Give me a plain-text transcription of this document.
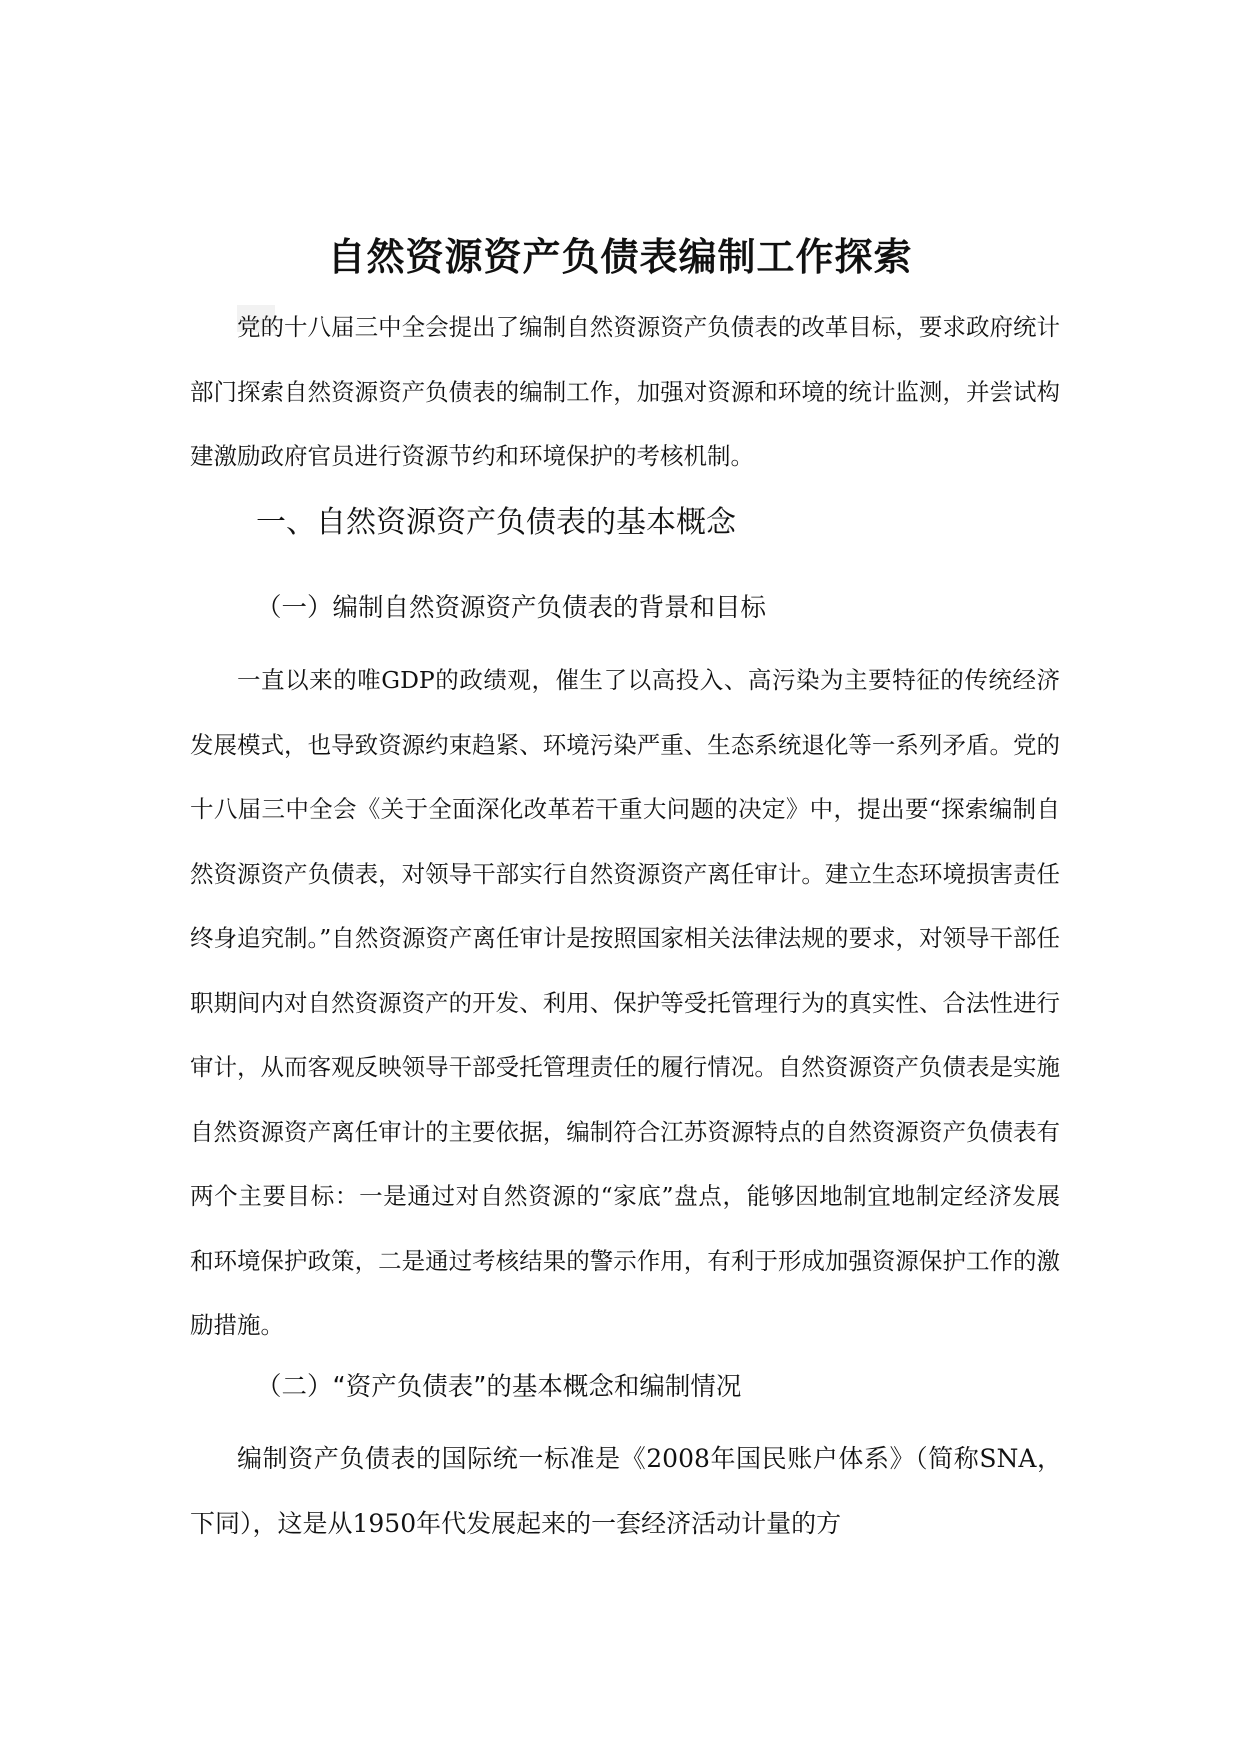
自然资源资产负债表编制工作探索

党的十八届三中全会提出了编制自然资源资产负债表的改革目标，要求政府统计部门探索自然资源资产负债表的编制工作，加强对资源和环境的统计监测，并尝试构建激励政府官员进行资源节约和环境保护的考核机制。

一、自然资源资产负债表的基本概念
（一）编制自然资源资产负债表的背景和目标

一直以来的唯GDP的政绩观，催生了以高投入、高污染为主要特征的传统经济发展模式，也导致资源约束趋紧、环境污染严重、生态系统退化等一系列矛盾。党的十八届三中全会《关于全面深化改革若干重大问题的决定》中，提出要“探索编制自然资源资产负债表，对领导干部实行自然资源资产离任审计。建立生态环境损害责任终身追究制。”自然资源资产离任审计是按照国家相关法律法规的要求，对领导干部任职期间内对自然资源资产的开发、利用、保护等受托管理行为的真实性、合法性进行审计，从而客观反映领导干部受托管理责任的履行情况。自然资源资产负债表是实施自然资源资产离任审计的主要依据，编制符合江苏资源特点的自然资源资产负债表有两个主要目标：一是通过对自然资源的“家底”盘点，能够因地制宜地制定经济发展和环境保护政策，二是通过考核结果的警示作用，有利于形成加强资源保护工作的激励措施。

（二）“资产负债表”的基本概念和编制情况

编制资产负债表的国际统一标准是《2008年国民账户体系》（简称SNA，下同），这是从1950年代发展起来的一套经济活动计量的方
